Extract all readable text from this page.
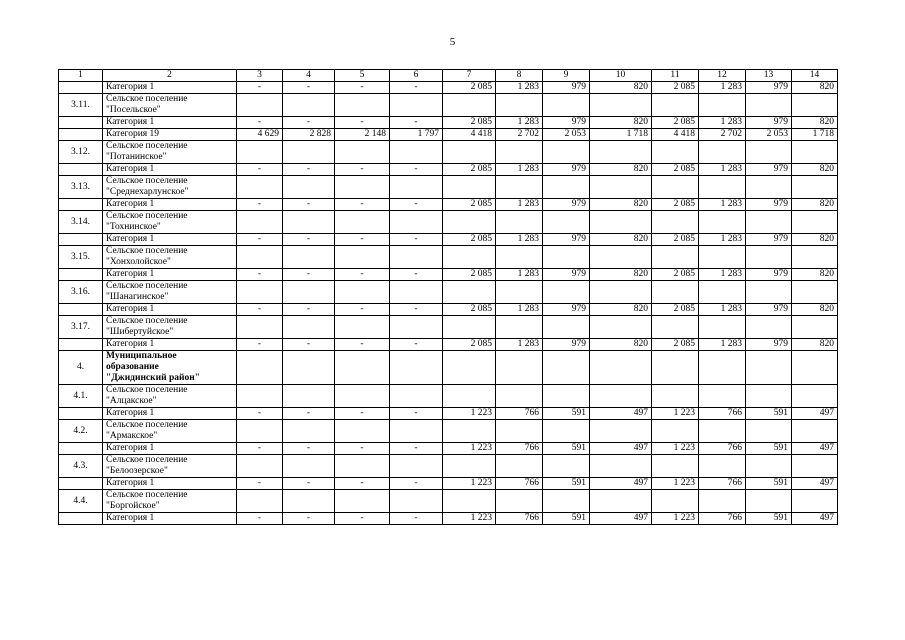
5
1	2	3	4	5	6	7	8	9	10	11	12	13	14
	Категория 1	-	-	-	-	2 085	1 283	979	820	2 085	1 283	979	820
3.11.	Сельское поселение
"Посельское"												
	Категория 1	-	-	-	-	2 085	1 283	979	820	2 085	1 283	979	820
	Категория 19	4 629	2 828	2 148	1 797	4 418	2 702	2 053	1 718	4 418	2 702	2 053	1 718
3.12.	Сельское поселение
"Потанинское"												
	Категория 1	-	-	-	-	2 085	1 283	979	820	2 085	1 283	979	820
3.13.	Сельское поселение
"Среднехарлунское"												
	Категория 1	-	-	-	-	2 085	1 283	979	820	2 085	1 283	979	820
3.14.	Сельское поселение
"Тохнинское"												
	Категория 1	-	-	-	-	2 085	1 283	979	820	2 085	1 283	979	820
3.15.	Сельское поселение
"Хонхолойское"												
	Категория 1	-	-	-	-	2 085	1 283	979	820	2 085	1 283	979	820
3.16.	Сельское поселение
"Шанагинское"												
	Категория 1	-	-	-	-	2 085	1 283	979	820	2 085	1 283	979	820
3.17.	Сельское поселение
"Шибертуйское"												
	Категория 1	-	-	-	-	2 085	1 283	979	820	2 085	1 283	979	820
4.	Муниципальное
образование
"Джидинский район"												
4.1.	Сельское поселение
"Алцакское"												
	Категория 1	-	-	-	-	1 223	766	591	497	1 223	766	591	497
4.2.	Сельское поселение
"Армакское"												
	Категория 1	-	-	-	-	1 223	766	591	497	1 223	766	591	497
4.3.	Сельское поселение
"Белоозерское"												
	Категория 1	-	-	-	-	1 223	766	591	497	1 223	766	591	497
4.4.	Сельское поселение
"Боргойское"												
	Категория 1	-	-	-	-	1 223	766	591	497	1 223	766	591	497
